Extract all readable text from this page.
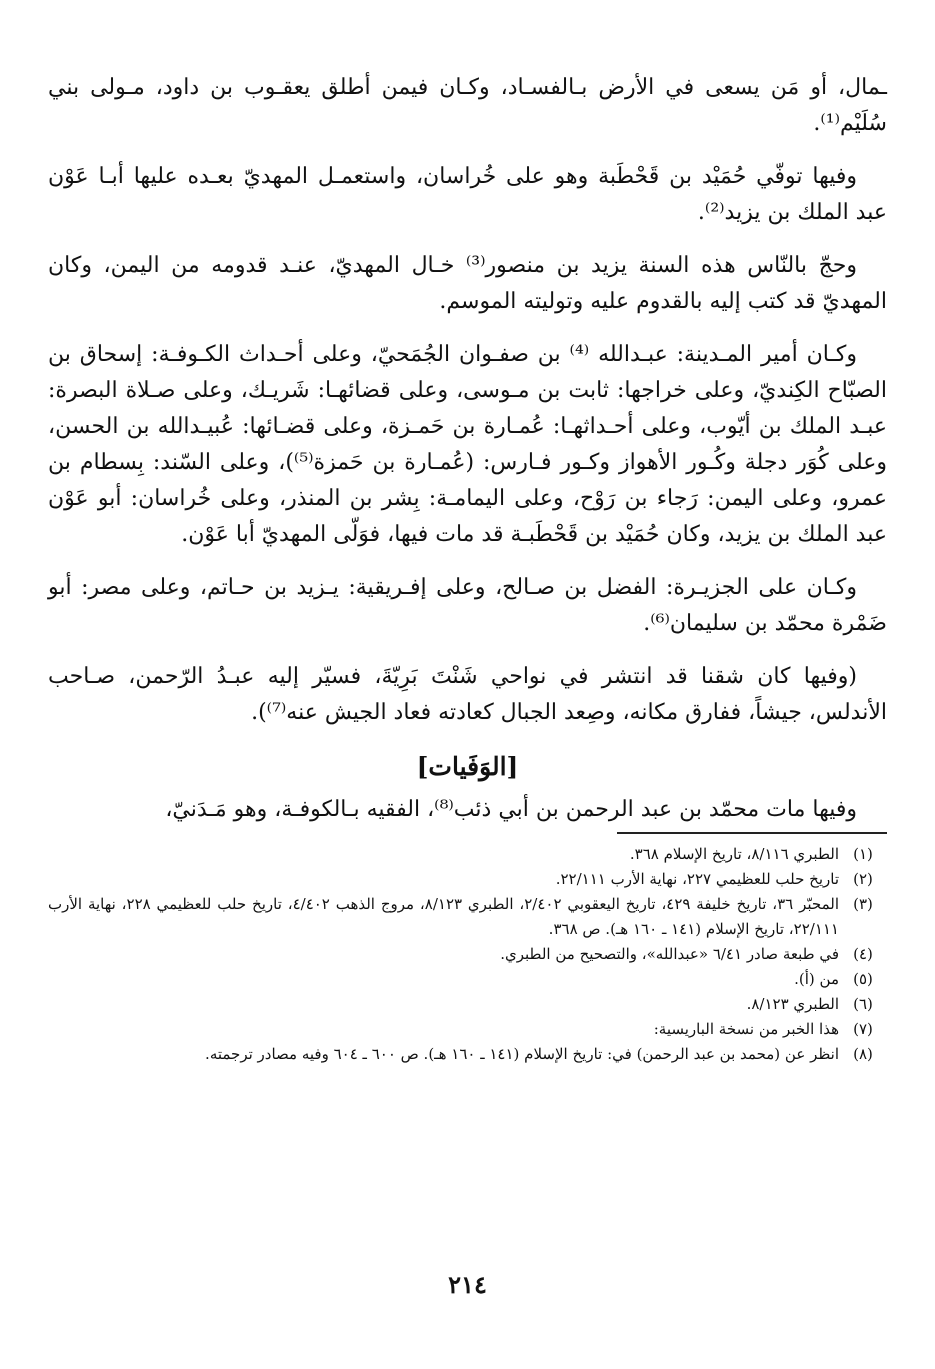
ـمال، أو مَن يسعى في الأرض بـالفسـاد، وكـان فيمن أطلق يعقـوب بن داود، مـولى بني سُلَيْم⁽¹⁾.

وفيها توفّي حُمَيْد بن قَحْطَبة وهو على خُراسان، واستعمـل المهديّ بعـده عليها أبـا عَوْن عبد الملك بن يزيد⁽²⁾.

وحجّ بالنّاس هذه السنة يزيد بن منصور⁽³⁾ خـال المهديّ، عنـد قدومه من اليمن، وكان المهديّ قد كتب إليه بالقدوم عليه وتوليته الموسم.

وكـان أمير المـدينة: عبـدالله ⁽⁴⁾ بن صفـوان الجُمَحيّ، وعلى أحـداث الكـوفـة: إسحاق بن الصبّاح الكِنديّ، وعلى خراجها: ثابت بن مـوسى، وعلى قضائهـا: شَريـك، وعلى صـلاة البصرة: عبـد الملك بن أيّوب، وعلى أحـداثهـا: عُمـارة بن حَمـزة، وعلى قضـائها: عُبيـدالله بن الحسن، وعلى كُوَر دجلة وكُـور الأهواز وكـور فـارس: (عُمـارة بن حَمزة⁽⁵⁾)، وعلى السّند: بِسطام بن عمرو، وعلى اليمن: رَجاء بن رَوْح، وعلى اليمامـة: بِشر بن المنذر، وعلى خُراسان: أبو عَوْن عبد الملك بن يزيد، وكان حُمَيْد بن قَحْطَبـة قد مات فيها، فوَلّى المهديّ أبا عَوْن.

وكـان على الجزيـرة: الفضل بن صـالح، وعلى إفـريقية: يـزيد بن حـاتم، وعلى مصر: أبو ضَمْرة محمّد بن سليمان⁽⁶⁾.

(وفيها كان شقنا قد انتشر في نواحي شَنْتَ بَرِيّةَ، فسيّر إليه عبـدُ الرّحمن، صـاحب الأندلس، جيشاً، ففارق مكانه، وصِعد الجبال كعادته فعاد الجيش عنه⁽⁷⁾).

[الوَفَيات]

وفيها مات محمّد بن عبد الرحمن بن أبي ذئب⁽⁸⁾، الفقيه بـالكوفـة، وهو مَـدَنيّ،

(١)
الطبري ٨/١١٦، تاريخ الإسلام ٣٦٨.
(٢)
تاريخ حلب للعظيمي ٢٢٧، نهاية الأرب ٢٢/١١١.
(٣)
المحبّر ٣٦، تاريخ خليفة ٤٢٩، تاريخ اليعقوبي ٢/٤٠٢، الطبري ٨/١٢٣، مروج الذهب ٤/٤٠٢، تاريخ حلب للعظيمي ٢٢٨، نهاية الأرب ٢٢/١١١، تاريخ الإسلام (١٤١ ـ ١٦٠ هـ). ص ٣٦٨.
(٤)
في طبعة صادر ٦/٤١ «عبدالله»، والتصحيح من الطبري.
(٥)
من (أ).
(٦)
الطبري ٨/١٢٣.
(٧)
هذا الخبر من نسخة الباريسية:
(٨)
انظر عن (محمد بن عبد الرحمن) في: تاريخ الإسلام (١٤١ ـ ١٦٠ هـ). ص ٦٠٠ ـ ٦٠٤ وفيه مصادر ترجمته.
٢١٤
